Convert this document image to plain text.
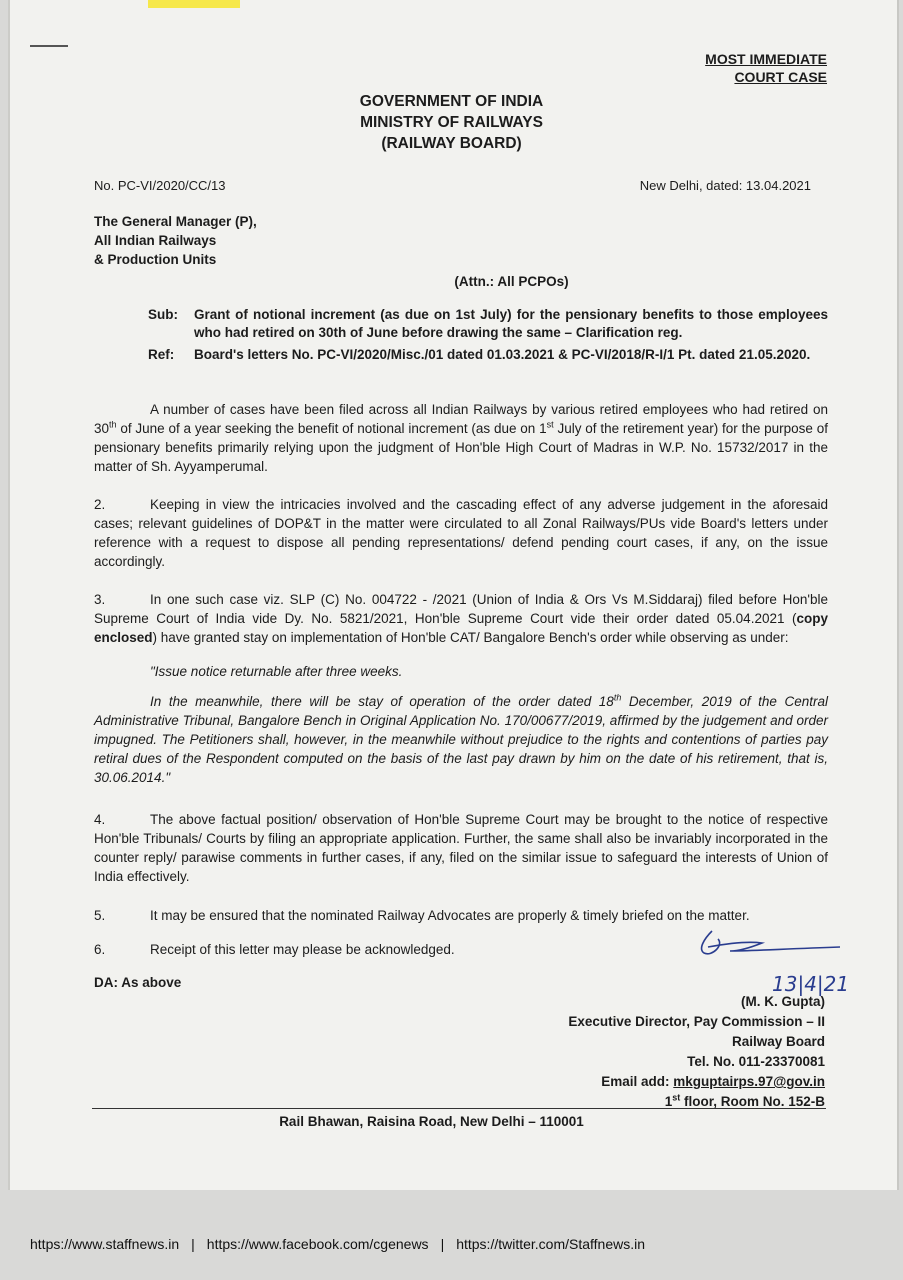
MOST IMMEDIATE
COURT CASE
GOVERNMENT OF INDIA
MINISTRY OF RAILWAYS
(RAILWAY BOARD)
No. PC-VI/2020/CC/13	New Delhi, dated: 13.04.2021
The General Manager (P),
All Indian Railways
& Production Units
(Attn.: All PCPOs)
Sub:	Grant of notional increment (as due on 1st July) for the pensionary benefits to those employees who had retired on 30th of June before drawing the same – Clarification reg.
Ref:	Board's letters No. PC-VI/2020/Misc./01 dated 01.03.2021 & PC-VI/2018/R-I/1 Pt. dated 21.05.2020.
A number of cases have been filed across all Indian Railways by various retired employees who had retired on 30th of June of a year seeking the benefit of notional increment (as due on 1st July of the retirement year) for the purpose of pensionary benefits primarily relying upon the judgment of Hon'ble High Court of Madras in W.P. No. 15732/2017 in the matter of Sh. Ayyamperumal.
2.	Keeping in view the intricacies involved and the cascading effect of any adverse judgement in the aforesaid cases; relevant guidelines of DOP&T in the matter were circulated to all Zonal Railways/PUs vide Board's letters under reference with a request to dispose all pending representations/ defend pending court cases, if any, on the issue accordingly.
3.	In one such case viz. SLP (C) No. 004722 - /2021 (Union of India & Ors Vs M.Siddaraj) filed before Hon'ble Supreme Court of India vide Dy. No. 5821/2021, Hon'ble Supreme Court vide their order dated 05.04.2021 (copy enclosed) have granted stay on implementation of Hon'ble CAT/ Bangalore Bench's order while observing as under:
"Issue notice returnable after three weeks.
In the meanwhile, there will be stay of operation of the order dated 18th December, 2019 of the Central Administrative Tribunal, Bangalore Bench in Original Application No. 170/00677/2019, affirmed by the judgement and order impugned. The Petitioners shall, however, in the meanwhile without prejudice to the rights and contentions of parties pay retiral dues of the Respondent computed on the basis of the last pay drawn by him on the date of his retirement, that is, 30.06.2014."
4.	The above factual position/ observation of Hon'ble Supreme Court may be brought to the notice of respective Hon'ble Tribunals/ Courts by filing an appropriate application. Further, the same shall also be invariably incorporated in the counter reply/ parawise comments in further cases, if any, filed on the similar issue to safeguard the interests of Union of India effectively.
5.	It may be ensured that the nominated Railway Advocates are properly & timely briefed on the matter.
6.	Receipt of this letter may please be acknowledged.
DA: As above	13|4|21
(M. K. Gupta)
Executive Director, Pay Commission – II
Railway Board
Tel. No. 011-23370081
Email add: mkguptairps.97@gov.in
1st floor, Room No. 152-B
Rail Bhawan, Raisina Road, New Delhi – 110001
https://www.staffnews.in | https://www.facebook.com/cgenews | https://twitter.com/Staffnews.in
